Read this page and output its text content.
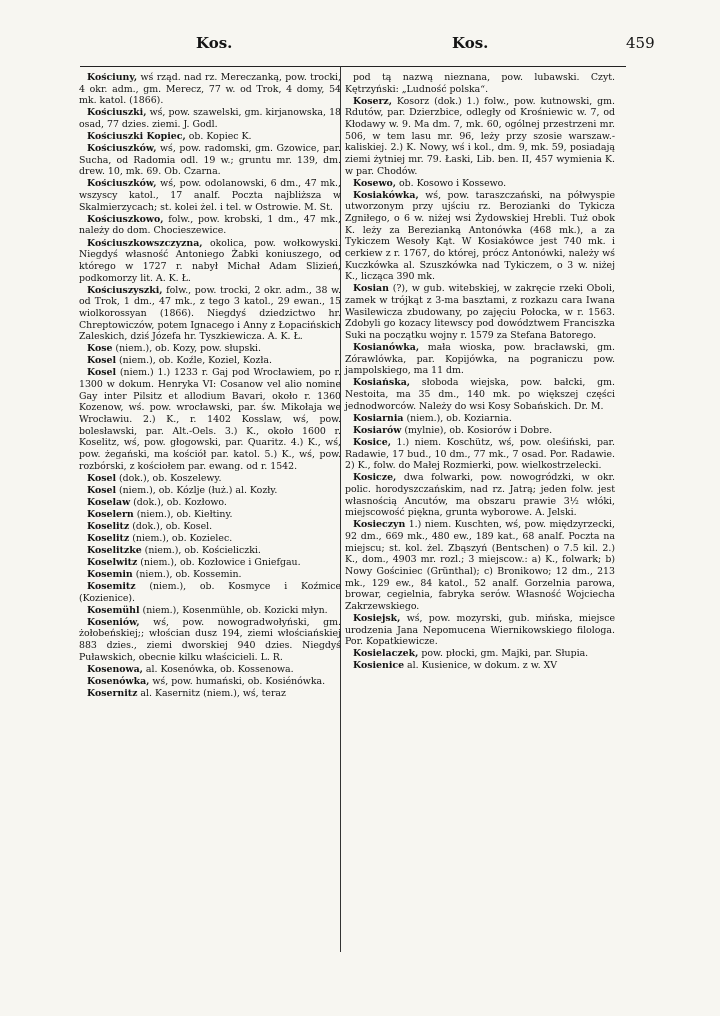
Kos.	Kos.	459

Kościuny, wś rząd. nad rz. Mereczanką, pow. trocki, 4 okr. adm., gm. Merecz, 77 w. od Trok, 4 domy, 54 mk. katol. (1866).

Kościuszki, wś, pow. szawelski, gm. kirjanowska, 18 osad, 77 dzies. ziemi. J. Godl.

Kościuszki Kopiec, ob. Kopiec K.

Kościuszków, wś, pow. radomski, gm. Gzowice, par. Sucha, od Radomia odl. 19 w.; gruntu mr. 139, dm. drew. 10, mk. 69. Ob. Czarna.

Kościuszków, wś, pow. odolanowski, 6 dm., 47 mk., wszyscy katol., 17 analf. Poczta najbliższa w Skalmierzycach; st. kolei żel. i tel. w Ostrowie. M. St.

Kościuszkowo, folw., pow. krobski, 1 dm., 47 mk., należy do dom. Chocieszewice.

Kościuszkowszczyzna, okolica, pow. wołkowyski. Niegdyś własność Antoniego Żabki koniuszego, od którego w 1727 r. nabył Michał Adam Slizień, podkomorzy lit. A. K. Ł.

Kościuszyszki, folw., pow. trocki, 2 okr. adm., 38 w. od Trok, 1 dm., 47 mk., z tego 3 katol., 29 ewan., 15 wiolkorossyan (1866). Niegdyś dziedzictwo hr. Chreptowiczów, potem Ignacego i Anny z Łopacińskich Zaleskich, dziś Józefa hr. Tyszkiewicza. A. K. Ł.

Kose (niem.), ob. Kozy, pow. słupski.

Kosel (niem.), ob. Koźle, Koziel, Kozła.

Kosel (niem.) 1.) 1233 r. Gaj pod Wrocławiem, po r. 1300 w dokum. Henryka VI: Cosanow vel alio nomine Gay inter Pilsitz et allodium Bavari, około r. 1360 Kozenow, wś. pow. wrocławski, par. św. Mikołaja we Wrocławiu. 2.) K., r. 1402 Kosslaw, wś, pow. bolesławski, par. Alt.-Oels. 3.) K., około 1600 r. Koselitz, wś, pow. głogowski, par. Quaritz. 4.) K., wś, pow. żegański, ma kościół par. katol. 5.) K., wś, pow. rozbórski, z kościołem par. ewang. od r. 1542.

Kosel (dok.), ob. Koszelewy.

Kosel (niem.), ob. Kózlje (łuż.) al. Kozły.

Koselaw (dok.), ob. Kozłowo.

Koselern (niem.), ob. Kiełtiny.

Koselitz (dok.), ob. Kosel.

Koselitz (niem.), ob. Kozielec.

Koselitzke (niem.), ob. Kościeliczki.

Koselwitz (niem.), ob. Kozłowice i Gniefgau.

Kosemin (niem.), ob. Kossemin.

Kosemitz (niem.), ob. Kosmyce i Koźmice (Kozienice).

Kosemühl (niem.), Kosenmühle, ob. Kozicki młyn.

Koseniów, wś, pow. nowogradwołyński, gm. żołobeńskiej;; włościan dusz 194, ziemi włościańskiej 883 dzies., ziemi dworskiej 940 dzies. Niegdyś Puławskich, obecnie kilku właścicieli. L. R.

Kosenowa, al. Kosenówka, ob. Kossenowa.

Kosenówka, wś, pow. humański, ob. Kosiénówka.

Kosernitz al. Kasernitz (niem.), wś, teraz

pod tą nazwą nieznana, pow. lubawski. Czyt. Kętrzyński: „Ludność polska“.

Koserz, Kosorz (dok.) 1.) folw., pow. kutnowski, gm. Rdutów, par. Dzierzbice, odległy od Krośniewic w. 7, od Kłodawy w. 9. Ma dm. 7, mk. 60, ogólnej przestrzeni mr. 506, w tem lasu mr. 96, leży przy szosie warszaw.-kaliskiej. 2.) K. Nowy, wś i kol., dm. 9, mk. 59, posiadają ziemi żytniej mr. 79. Łaski, Lib. ben. II, 457 wymienia K. w par. Chodów.

Kosewo, ob. Kosowo i Kossewo.

Kosiakówka, wś, pow. taraszczański, na półwyspie utworzonym przy ujściu rz. Berozianki do Tykicza Zgniłego, o 6 w. niżej wsi Żydowskiej Hrebli. Tuż obok K. leży za Berezianką Antonówka (468 mk.), a za Tykiczem Wesoły Kąt. W Kosiakówce jest 740 mk. i cerkiew z r. 1767, do której, prócz Antonówki, należy wś Kuczkówka al. Szuszkówka nad Tykiczem, o 3 w. niżej K., licząca 390 mk.

Kosian (?), w gub. witebskiej, w zakręcie rzeki Oboli, zamek w trójkąt z 3-ma basztami, z rozkazu cara Iwana Wasilewicza zbudowany, po zajęciu Połocka, w r. 1563. Zdobyli go kozacy litewscy pod dowództwem Franciszka Suki na początku wojny r. 1579 za Stefana Batorego.

Kosianówka, mała wioska, pow. bracławski, gm. Zórawlówka, par. Kopijówka, na pograniczu pow. jampolskiego, ma 11 dm.

Kosiańska, słoboda wiejska, pow. bałcki, gm. Nestoita, ma 35 dm., 140 mk. po większej części jednodworców. Należy do wsi Kosy Sobańskich. Dr. M.

Kosiarnia (niem.), ob. Koziarnia.

Kosiarów (mylnie), ob. Kosiorów i Dobre.

Kosice, 1.) niem. Koschütz, wś, pow. oleśiński, par. Radawie, 17 bud., 10 dm., 77 mk., 7 osad. Por. Radawie. 2) K., folw. do Małej Rozmierki, pow. wielkostrzelecki.

Kosicze, dwa folwarki, pow. nowogródzki, w okr. polic. horodyszczańskim, nad rz. Jatrą; jeden folw. jest własnością Ancutów, ma obszaru prawie 3½ włóki, miejscowość piękna, grunta wyborowe. A. Jelski.

Kosieczyn 1.) niem. Kuschten, wś, pow. międzyrzecki, 92 dm., 669 mk., 480 ew., 189 kat., 68 analf. Poczta na miejscu; st. kol. żel. Zbąszyń (Bentschen) o 7.5 kil. 2.) K., dom., 4903 mr. rozl.; 3 miejscow.: a) K., folwark; b) Nowy Gościniec (Grünthal); c) Bronikowo; 12 dm., 213 mk., 129 ew., 84 katol., 52 analf. Gorzelnia parowa, browar, cegielnia, fabryka serów. Własność Wojciecha Zakrzewskiego.

Kosiejsk, wś, pow. mozyrski, gub. mińska, miejsce urodzenia Jana Nepomucena Wiernikowskiego filologa. Por. Kopatkiewicze.

Kosielaczek, pow. płocki, gm. Majki, par. Słupia.

Kosienice al. Kusienice, w dokum. z w. XV
